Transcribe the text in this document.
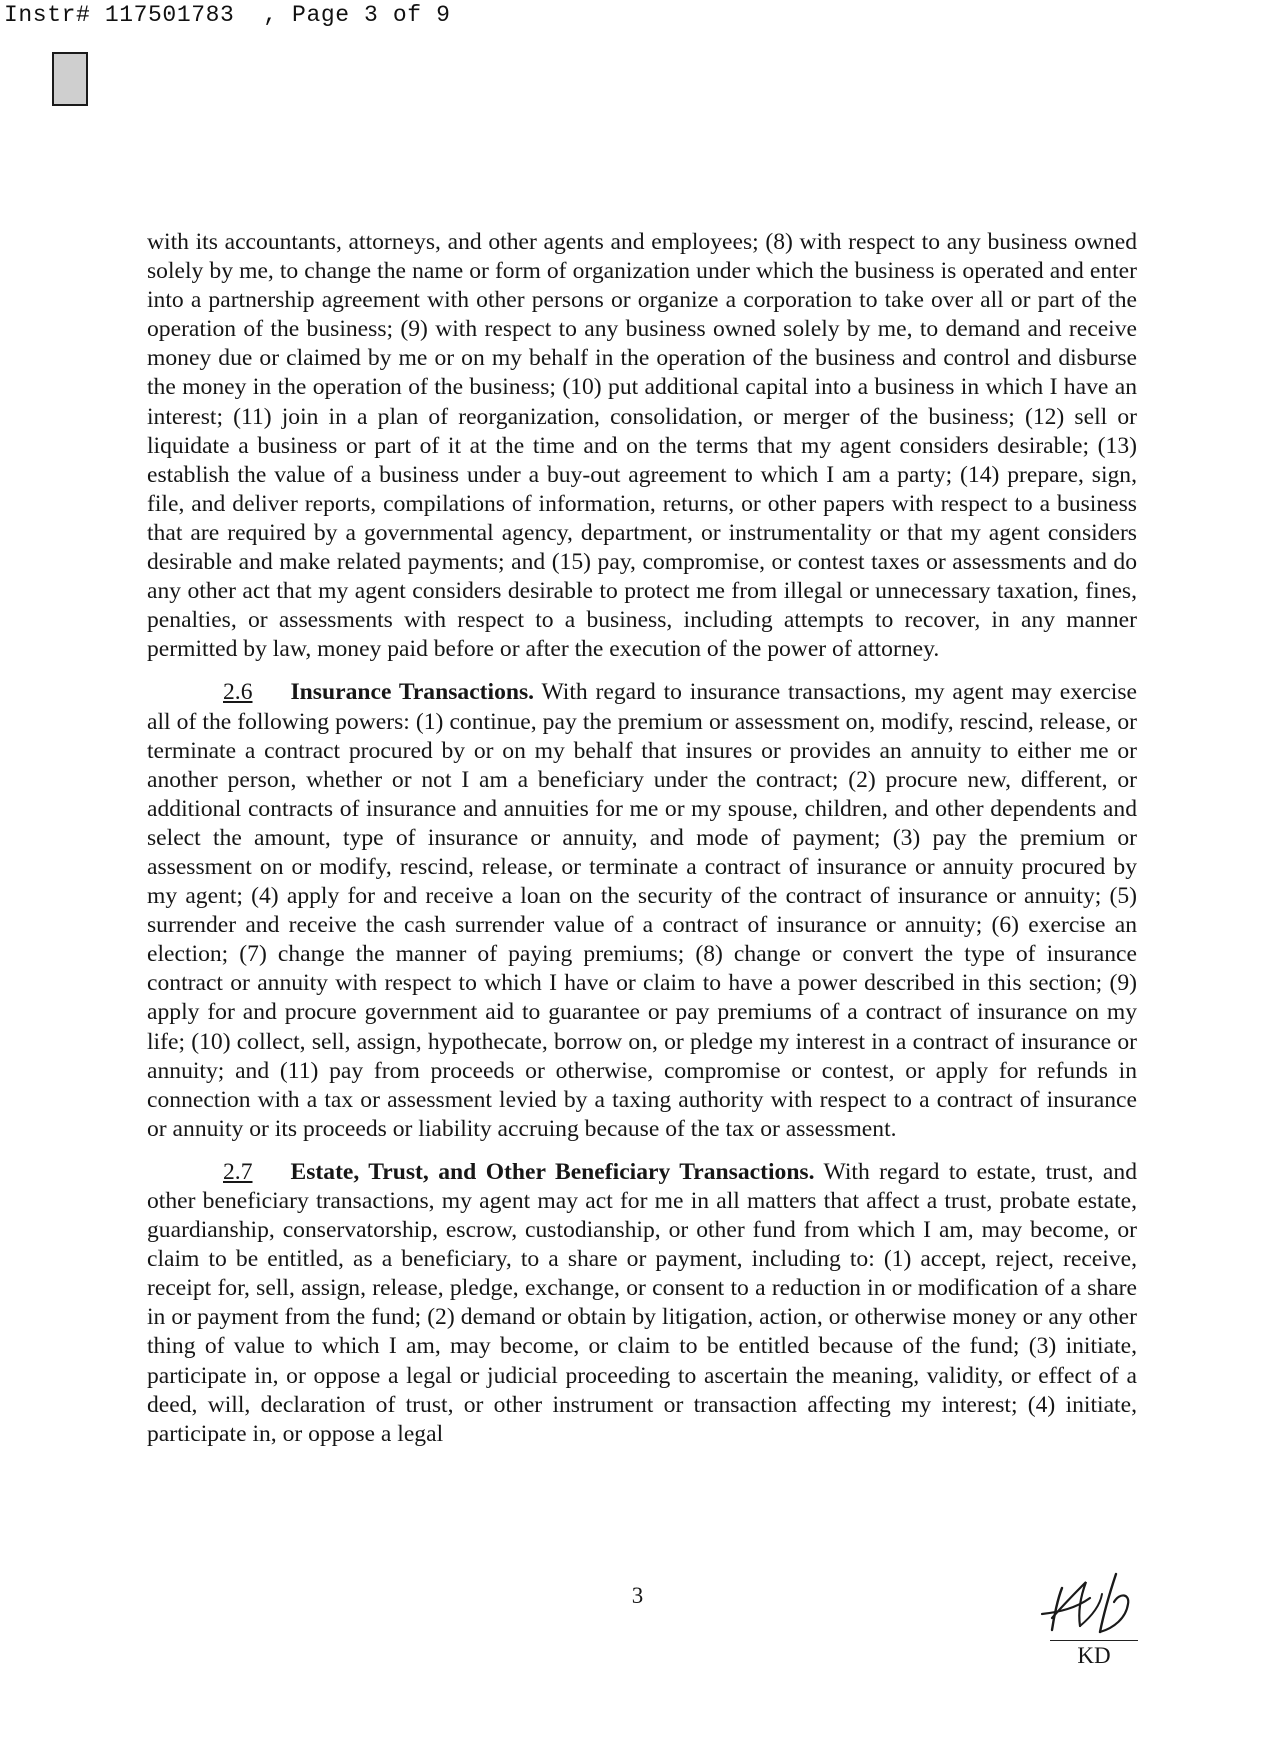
Instr# 117501783  , Page 3 of 9

with its accountants, attorneys, and other agents and employees; (8) with respect to any business owned solely by me, to change the name or form of organization under which the business is operated and enter into a partnership agreement with other persons or organize a corporation to take over all or part of the operation of the business; (9) with respect to any business owned solely by me, to demand and receive money due or claimed by me or on my behalf in the operation of the business and control and disburse the money in the operation of the business; (10) put additional capital into a business in which I have an interest; (11) join in a plan of reorganization, consolidation, or merger of the business; (12) sell or liquidate a business or part of it at the time and on the terms that my agent considers desirable; (13) establish the value of a business under a buy-out agreement to which I am a party; (14) prepare, sign, file, and deliver reports, compilations of information, returns, or other papers with respect to a business that are required by a governmental agency, department, or instrumentality or that my agent considers desirable and make related payments; and (15) pay, compromise, or contest taxes or assessments and do any other act that my agent considers desirable to protect me from illegal or unnecessary taxation, fines, penalties, or assessments with respect to a business, including attempts to recover, in any manner permitted by law, money paid before or after the execution of the power of attorney.

2.6 Insurance Transactions. With regard to insurance transactions, my agent may exercise all of the following powers: (1) continue, pay the premium or assessment on, modify, rescind, release, or terminate a contract procured by or on my behalf that insures or provides an annuity to either me or another person, whether or not I am a beneficiary under the contract; (2) procure new, different, or additional contracts of insurance and annuities for me or my spouse, children, and other dependents and select the amount, type of insurance or annuity, and mode of payment; (3) pay the premium or assessment on or modify, rescind, release, or terminate a contract of insurance or annuity procured by my agent; (4) apply for and receive a loan on the security of the contract of insurance or annuity; (5) surrender and receive the cash surrender value of a contract of insurance or annuity; (6) exercise an election; (7) change the manner of paying premiums; (8) change or convert the type of insurance contract or annuity with respect to which I have or claim to have a power described in this section; (9) apply for and procure government aid to guarantee or pay premiums of a contract of insurance on my life; (10) collect, sell, assign, hypothecate, borrow on, or pledge my interest in a contract of insurance or annuity; and (11) pay from proceeds or otherwise, compromise or contest, or apply for refunds in connection with a tax or assessment levied by a taxing authority with respect to a contract of insurance or annuity or its proceeds or liability accruing because of the tax or assessment.

2.7 Estate, Trust, and Other Beneficiary Transactions. With regard to estate, trust, and other beneficiary transactions, my agent may act for me in all matters that affect a trust, probate estate, guardianship, conservatorship, escrow, custodianship, or other fund from which I am, may become, or claim to be entitled, as a beneficiary, to a share or payment, including to: (1) accept, reject, receive, receipt for, sell, assign, release, pledge, exchange, or consent to a reduction in or modification of a share in or payment from the fund; (2) demand or obtain by litigation, action, or otherwise money or any other thing of value to which I am, may become, or claim to be entitled because of the fund; (3) initiate, participate in, or oppose a legal or judicial proceeding to ascertain the meaning, validity, or effect of a deed, will, declaration of trust, or other instrument or transaction affecting my interest; (4) initiate, participate in, or oppose a legal

3
KD
